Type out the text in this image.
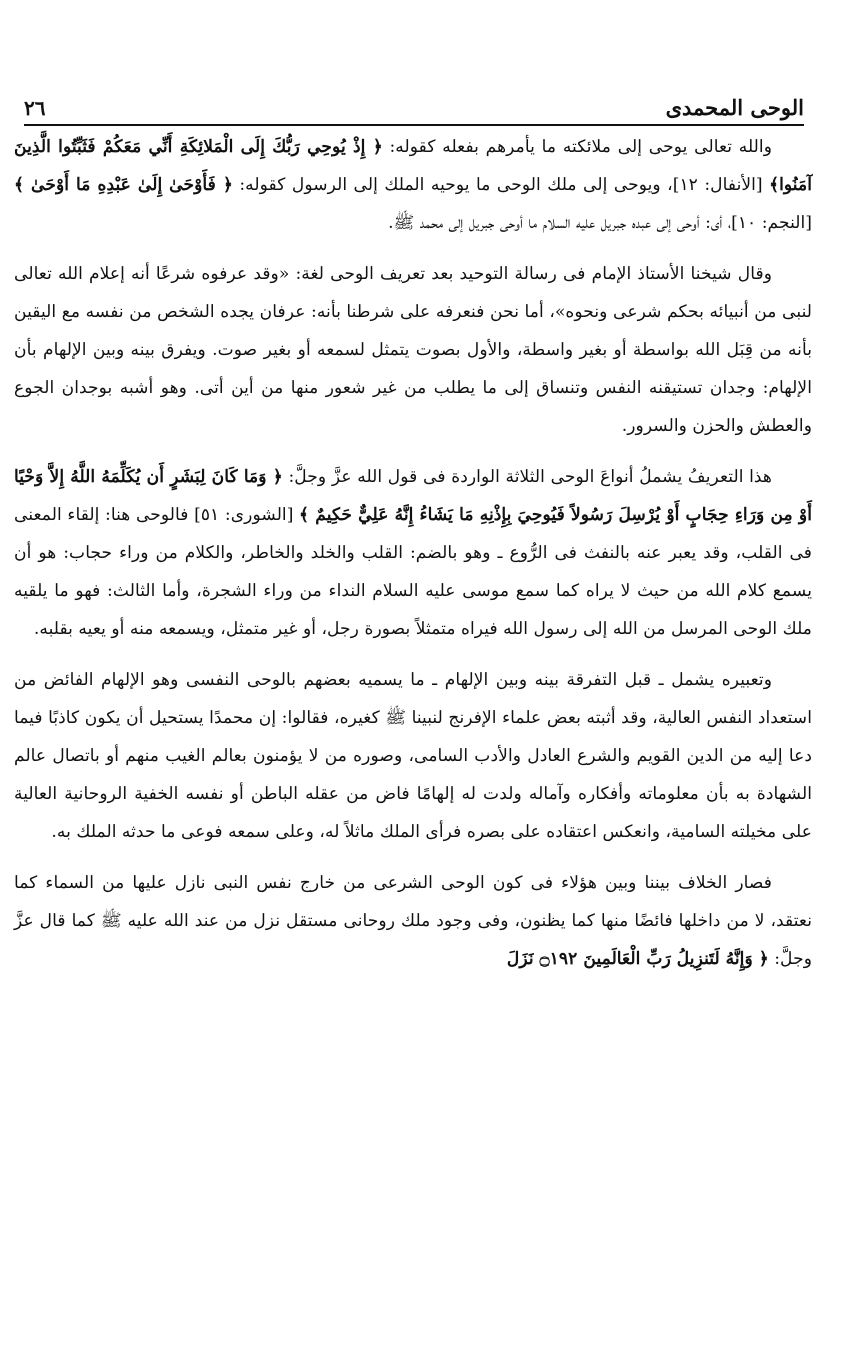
الوحى المحمدى
٢٦

والله تعالى يوحى إلى ملائكته ما يأمرهم بفعله كقوله: ﴿ إِذْ يُوحِي رَبُّكَ إِلَى الْمَلائِكَةِ أَنِّي مَعَكُمْ فَثَبِّتُوا الَّذِينَ آمَنُوا﴾ [الأنفال: ١٢]، ويوحى إلى ملك الوحى ما يوحيه الملك إلى الرسول كقوله: ﴿ فَأَوْحَىٰ إِلَىٰ عَبْدِهِ مَا أَوْحَىٰ ﴾ [النجم: ١٠]، أى: أوحى إلى عبده جبريل عليه السلام ما أوحى جبريل إلى محمد ﷺ.

وقال شيخنا الأستاذ الإمام فى رسالة التوحيد بعد تعريف الوحى لغة: «وقد عرفوه شرعًا أنه إعلام الله تعالى لنبى من أنبيائه بحكم شرعى ونحوه»، أما نحن فنعرفه على شرطنا بأنه: عرفان يجده الشخص من نفسه مع اليقين بأنه من قِبَل الله بواسطة أو بغير واسطة، والأول بصوت يتمثل لسمعه أو بغير صوت. ويفرق بينه وبين الإلهام بأن الإلهام: وجدان تستيقنه النفس وتنساق إلى ما يطلب من غير شعور منها من أين أتى. وهو أشبه بوجدان الجوع والعطش والحزن والسرور.

هذا التعريفُ يشملُ أنواعَ الوحى الثلاثة الواردة فى قول الله عزَّ وجلَّ: ﴿ وَمَا كَانَ لِبَشَرٍ أَن يُكَلِّمَهُ اللَّهُ إِلاَّ وَحْيًا أَوْ مِن وَرَاءِ حِجَابٍ أَوْ يُرْسِلَ رَسُولاً فَيُوحِيَ بِإِذْنِهِ مَا يَشَاءُ إِنَّهُ عَلِيٌّ حَكِيمٌ ﴾ [الشورى: ٥١] فالوحى هنا: إلقاء المعنى فى القلب، وقد يعبر عنه بالنفث فى الرُّوع ـ وهو بالضم: القلب والخلد والخاطر، والكلام من وراء حجاب: هو أن يسمع كلام الله من حيث لا يراه كما سمع موسى عليه السلام النداء من وراء الشجرة، وأما الثالث: فهو ما يلقيه ملك الوحى المرسل من الله إلى رسول الله فيراه متمثلاً بصورة رجل، أو غير متمثل، ويسمعه منه أو يعيه بقلبه.

وتعبيره يشمل ـ قبل التفرقة بينه وبين الإلهام ـ ما يسميه بعضهم بالوحى النفسى وهو الإلهام الفائض من استعداد النفس العالية، وقد أثبته بعض علماء الإفرنج لنبينا ﷺ كغيره، فقالوا: إن محمدًا يستحيل أن يكون كاذبًا فيما دعا إليه من الدين القويم والشرع العادل والأدب السامى، وصوره من لا يؤمنون بعالم الغيب منهم أو باتصال عالم الشهادة به بأن معلوماته وأفكاره وآماله ولدت له إلهامًا فاض من عقله الباطن أو نفسه الخفية الروحانية العالية على مخيلته السامية، وانعكس اعتقاده على بصره فرأى الملك ماثلاً له، وعلى سمعه فوعى ما حدثه الملك به.

فصار الخلاف بيننا وبين هؤلاء فى كون الوحى الشرعى من خارج نفس النبى نازل عليها من السماء كما نعتقد، لا من داخلها فائضًا منها كما يظنون، وفى وجود ملك روحانى مستقل نزل من عند الله عليه ﷺ كما قال عزَّ وجلَّ: ﴿ وَإِنَّهُ لَتَنزِيلُ رَبِّ الْعَالَمِينَ ۝١٩٢ نَزَلَ
